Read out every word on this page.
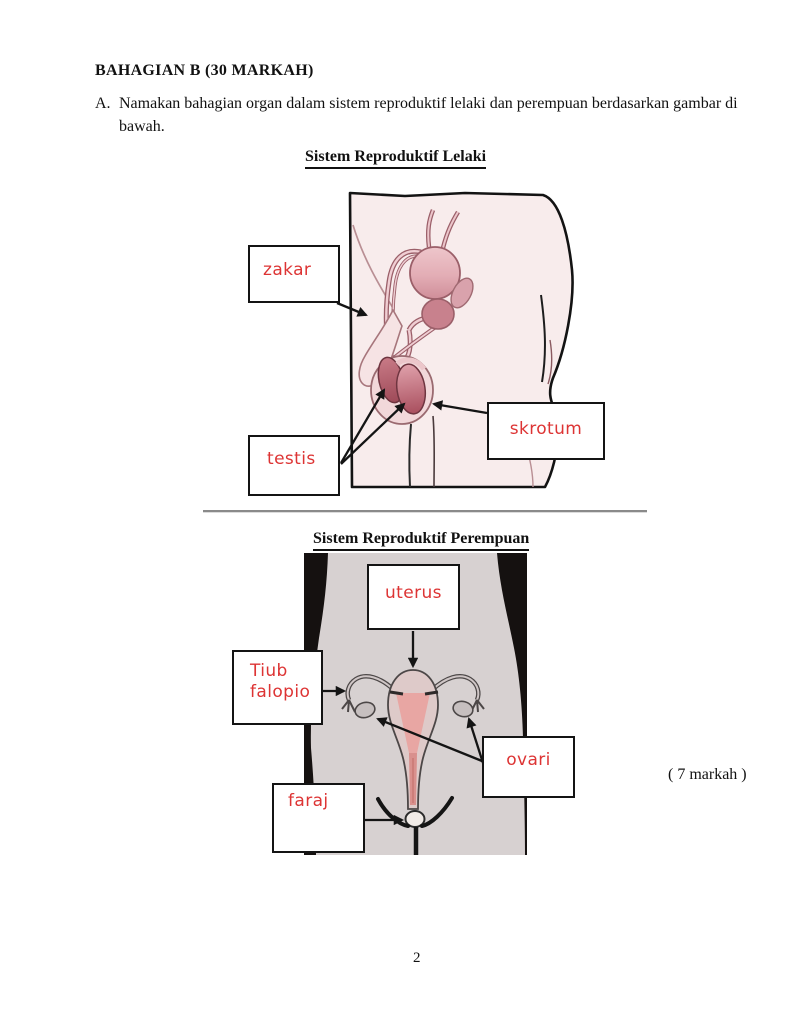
BAHAGIAN B (30 MARKAH)
A. Namakan bahagian organ dalam sistem reproduktif lelaki dan perempuan berdasarkan gambar di
bawah.
Sistem Reproduktif Lelaki
zakar
testis
skrotum
Sistem Reproduktif Perempuan
uterus
Tiub
falopio
ovari
faraj
( 7 markah )
2
